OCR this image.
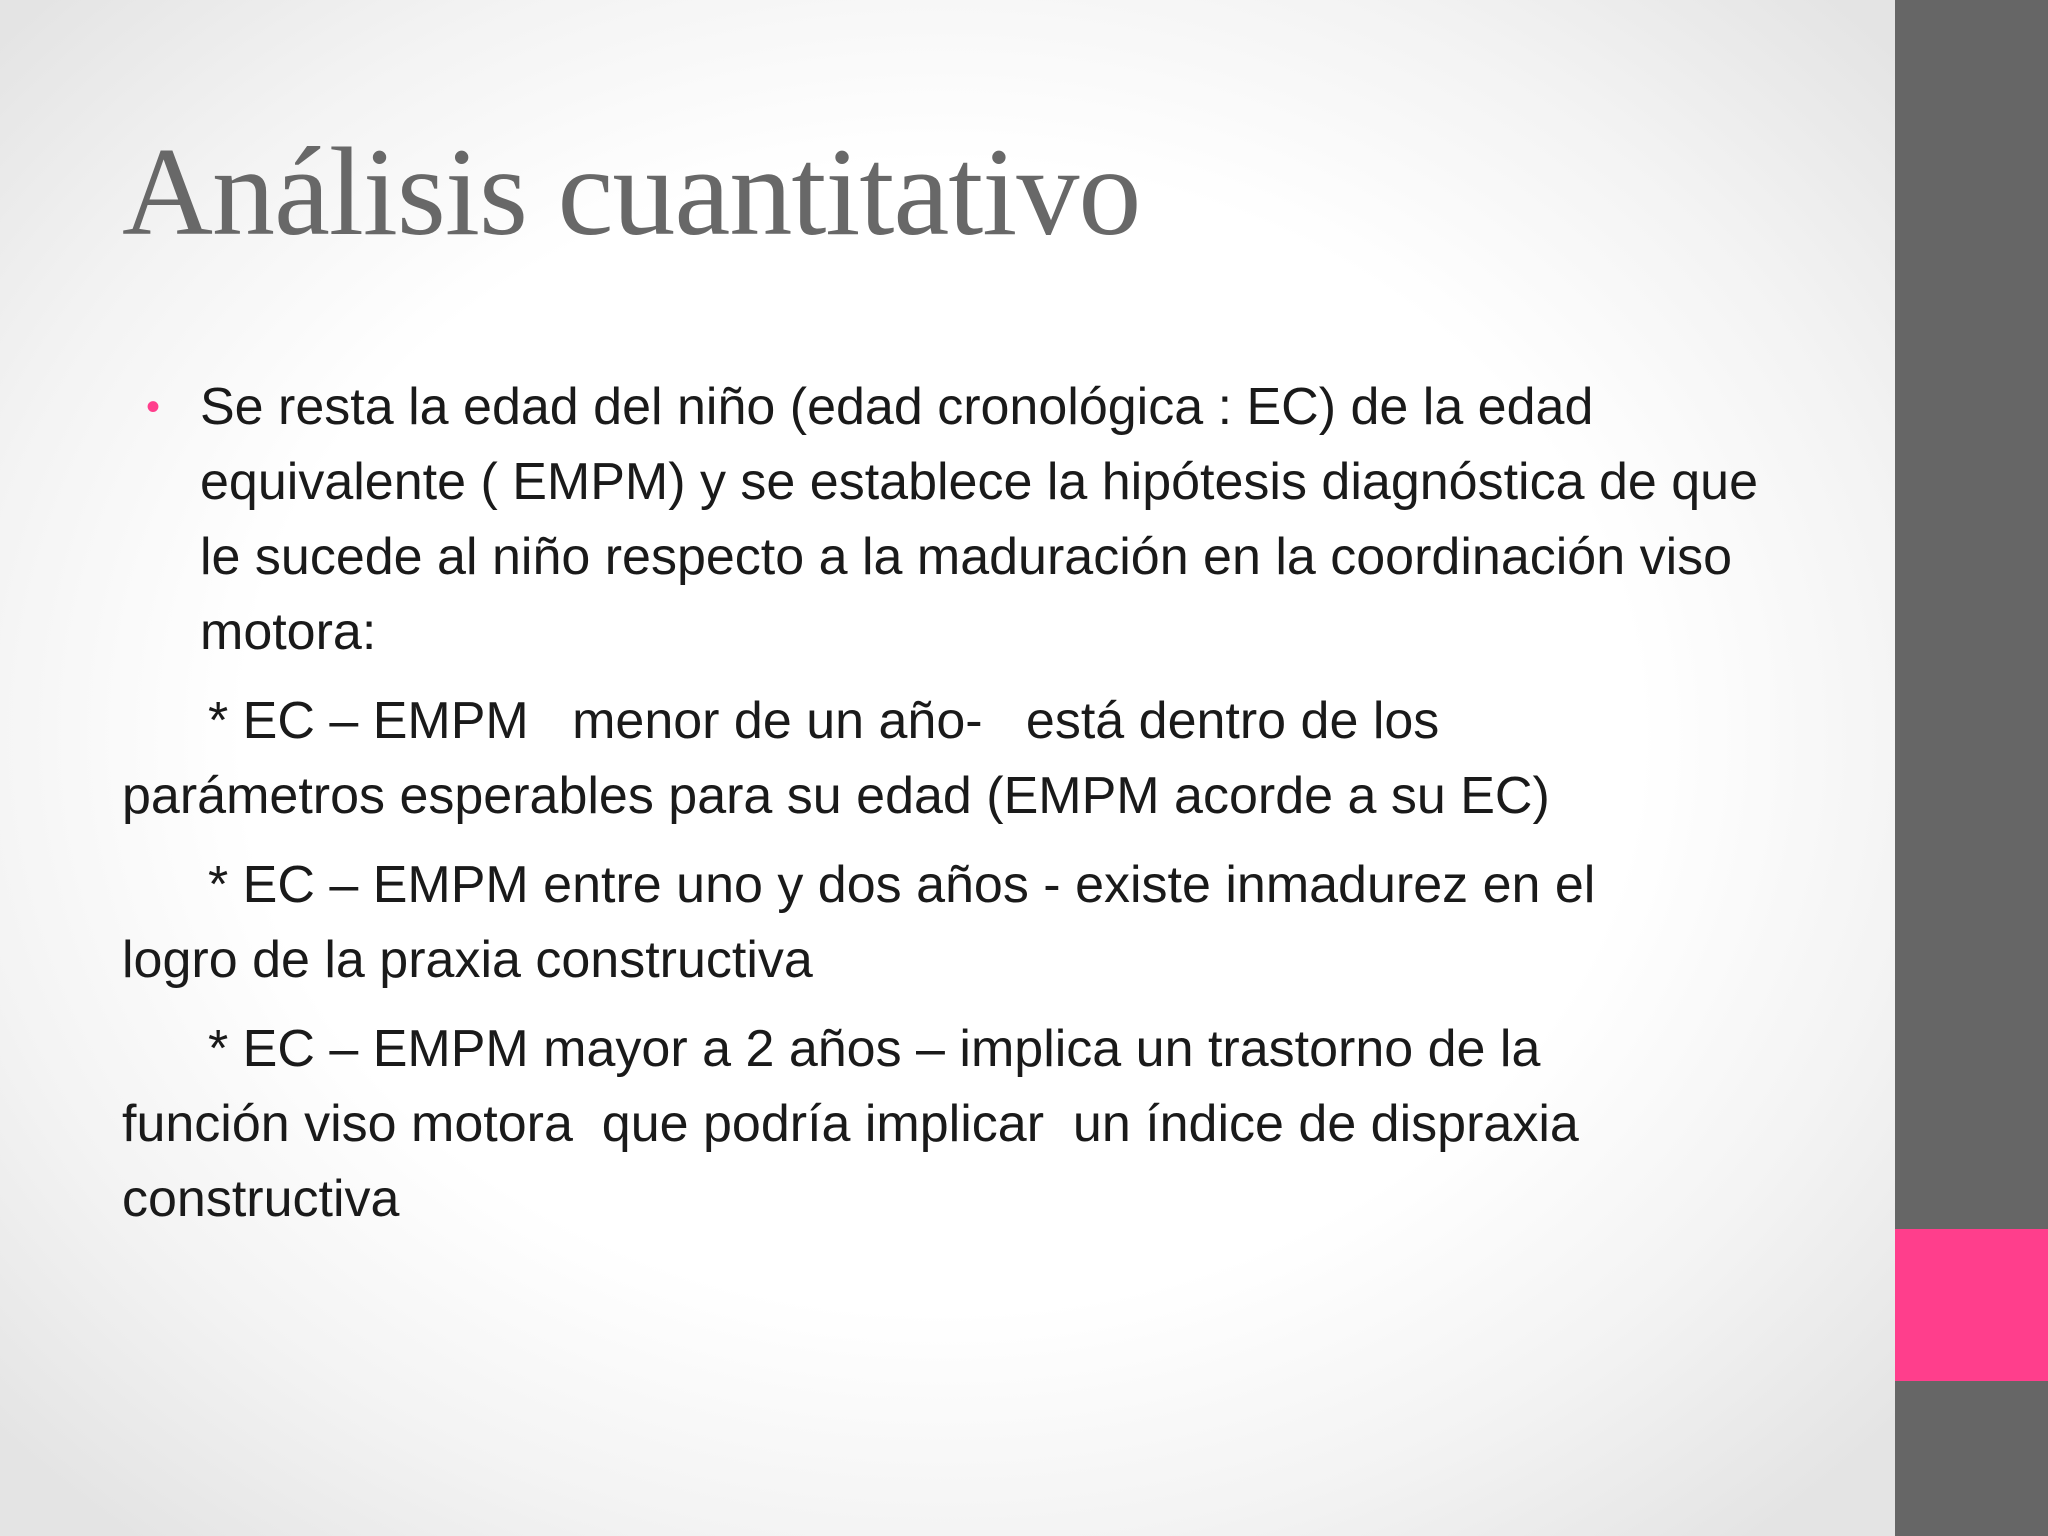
Análisis cuantitativo
• Se resta la edad del niño (edad cronológica : EC) de la edad equivalente ( EMPM) y se establece la hipótesis diagnóstica de que le sucede al niño respecto a la maduración en la coordinación viso motora:

* EC – EMPM   menor de un año-   está dentro de los
parámetros esperables para su edad (EMPM acorde a su EC)

* EC – EMPM entre uno y dos años - existe inmadurez en el
logro de la praxia constructiva

* EC – EMPM mayor a 2 años – implica un trastorno de la
función viso motora  que podría implicar  un índice de dispraxia constructiva
